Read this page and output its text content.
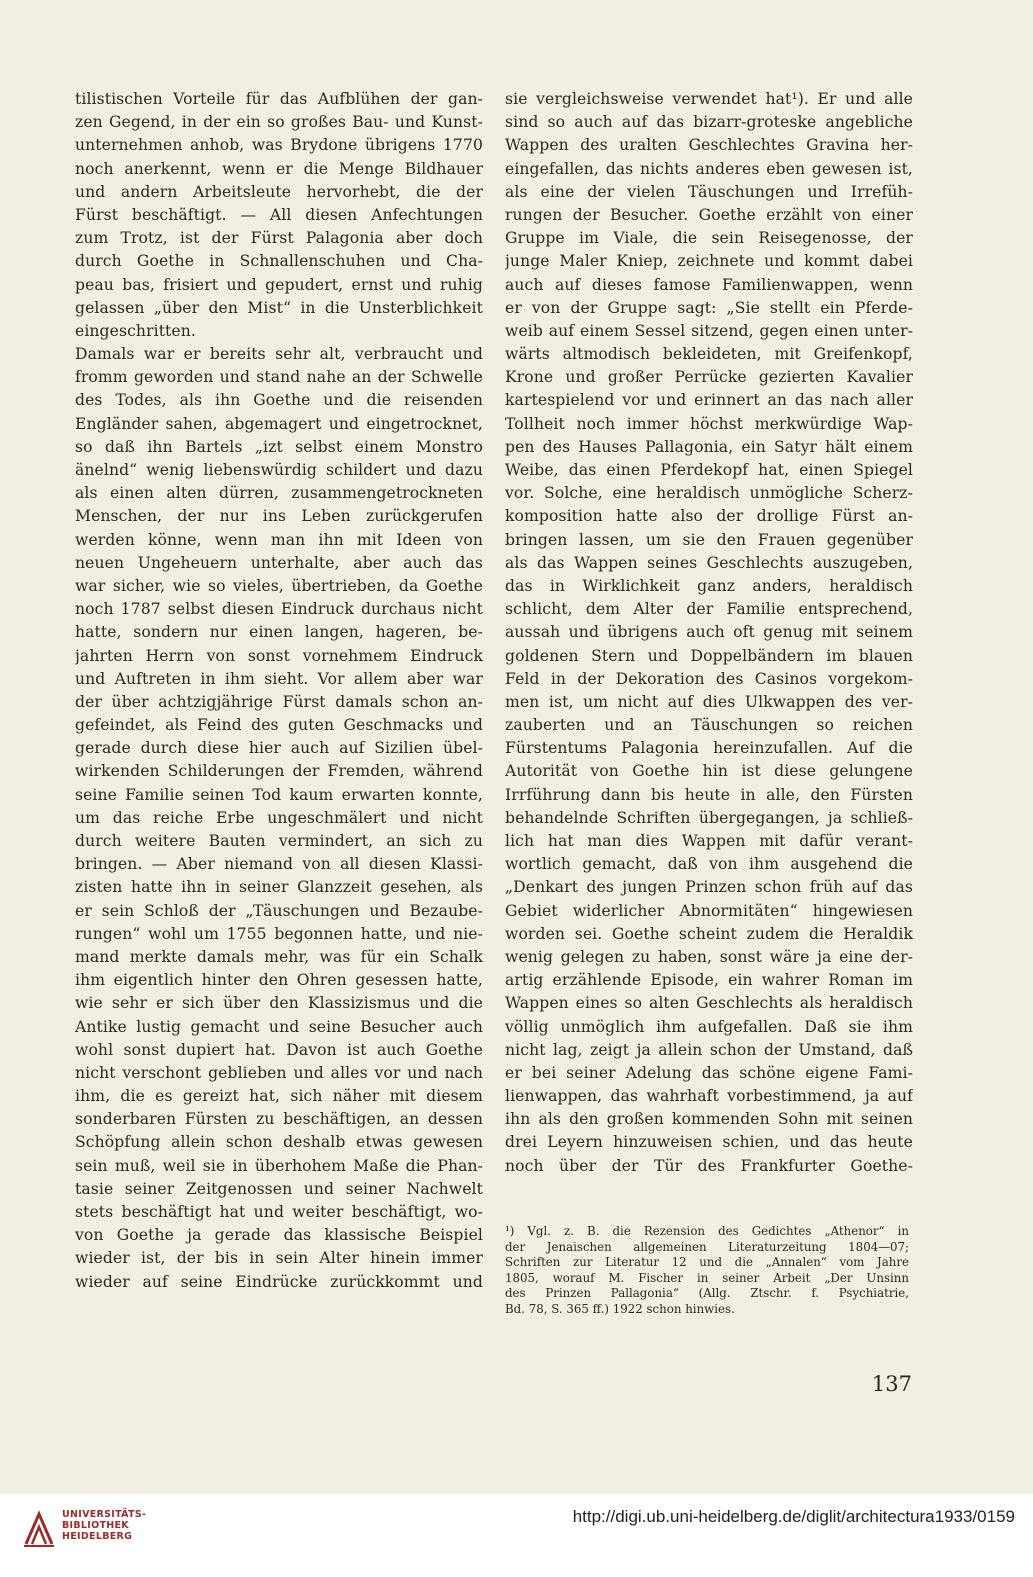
tilistischen Vorteile für das Aufblühen der gan-
zen Gegend, in der ein so großes Bau- und Kunst-
unternehmen anhob, was Brydone übrigens 1770
noch anerkennt, wenn er die Menge Bildhauer
und andern Arbeitsleute hervorhebt, die der
Fürst beschäftigt. — All diesen Anfechtungen
zum Trotz, ist der Fürst Palagonia aber doch
durch Goethe in Schnallenschuhen und Cha-
peau bas, frisiert und gepudert, ernst und ruhig
gelassen „über den Mist“ in die Unsterblichkeit
eingeschritten.
Damals war er bereits sehr alt, verbraucht und
fromm geworden und stand nahe an der Schwelle
des Todes, als ihn Goethe und die reisenden
Engländer sahen, abgemagert und eingetrocknet,
so daß ihn Bartels „izt selbst einem Monstro
änelnd“ wenig liebenswürdig schildert und dazu
als einen alten dürren, zusammengetrockneten
Menschen, der nur ins Leben zurückgerufen
werden könne, wenn man ihn mit Ideen von
neuen Ungeheuern unterhalte, aber auch das
war sicher, wie so vieles, übertrieben, da Goethe
noch 1787 selbst diesen Eindruck durchaus nicht
hatte, sondern nur einen langen, hageren, be-
jahrten Herrn von sonst vornehmem Eindruck
und Auftreten in ihm sieht. Vor allem aber war
der über achtzigjährige Fürst damals schon an-
gefeindet, als Feind des guten Geschmacks und
gerade durch diese hier auch auf Sizilien übel-
wirkenden Schilderungen der Fremden, während
seine Familie seinen Tod kaum erwarten konnte,
um das reiche Erbe ungeschmälert und nicht
durch weitere Bauten vermindert, an sich zu
bringen. — Aber niemand von all diesen Klassi-
zisten hatte ihn in seiner Glanzzeit gesehen, als
er sein Schloß der „Täuschungen und Bezaube-
rungen“ wohl um 1755 begonnen hatte, und nie-
mand merkte damals mehr, was für ein Schalk
ihm eigentlich hinter den Ohren gesessen hatte,
wie sehr er sich über den Klassizismus und die
Antike lustig gemacht und seine Besucher auch
wohl sonst dupiert hat. Davon ist auch Goethe
nicht verschont geblieben und alles vor und nach
ihm, die es gereizt hat, sich näher mit diesem
sonderbaren Fürsten zu beschäftigen, an dessen
Schöpfung allein schon deshalb etwas gewesen
sein muß, weil sie in überhohem Maße die Phan-
tasie seiner Zeitgenossen und seiner Nachwelt
stets beschäftigt hat und weiter beschäftigt, wo-
von Goethe ja gerade das klassische Beispiel
wieder ist, der bis in sein Alter hinein immer
wieder auf seine Eindrücke zurückkommt und
sie vergleichsweise verwendet hat¹). Er und alle
sind so auch auf das bizarr-groteske angebliche
Wappen des uralten Geschlechtes Gravina her-
eingefallen, das nichts anderes eben gewesen ist,
als eine der vielen Täuschungen und Irrefüh-
rungen der Besucher. Goethe erzählt von einer
Gruppe im Viale, die sein Reisegenosse, der
junge Maler Kniep, zeichnete und kommt dabei
auch auf dieses famose Familienwappen, wenn
er von der Gruppe sagt: „Sie stellt ein Pferde-
weib auf einem Sessel sitzend, gegen einen unter-
wärts altmodisch bekleideten, mit Greifenkopf,
Krone und großer Perrücke gezierten Kavalier
kartespielend vor und erinnert an das nach aller
Tollheit noch immer höchst merkwürdige Wap-
pen des Hauses Pallagonia, ein Satyr hält einem
Weibe, das einen Pferdekopf hat, einen Spiegel
vor. Solche, eine heraldisch unmögliche Scherz-
komposition hatte also der drollige Fürst an-
bringen lassen, um sie den Frauen gegenüber
als das Wappen seines Geschlechts auszugeben,
das in Wirklichkeit ganz anders, heraldisch
schlicht, dem Alter der Familie entsprechend,
aussah und übrigens auch oft genug mit seinem
goldenen Stern und Doppelbändern im blauen
Feld in der Dekoration des Casinos vorgekom-
men ist, um nicht auf dies Ulkwappen des ver-
zauberten und an Täuschungen so reichen
Fürstentums Palagonia hereinzufallen. Auf die
Autorität von Goethe hin ist diese gelungene
Irrführung dann bis heute in alle, den Fürsten
behandelnde Schriften übergegangen, ja schließ-
lich hat man dies Wappen mit dafür verant-
wortlich gemacht, daß von ihm ausgehend die
„Denkart des jungen Prinzen schon früh auf das
Gebiet widerlicher Abnormitäten“ hingewiesen
worden sei. Goethe scheint zudem die Heraldik
wenig gelegen zu haben, sonst wäre ja eine der-
artig erzählende Episode, ein wahrer Roman im
Wappen eines so alten Geschlechts als heraldisch
völlig unmöglich ihm aufgefallen. Daß sie ihm
nicht lag, zeigt ja allein schon der Umstand, daß
er bei seiner Adelung das schöne eigene Fami-
lienwappen, das wahrhaft vorbestimmend, ja auf
ihn als den großen kommenden Sohn mit seinen
drei Leyern hinzuweisen schien, und das heute
noch über der Tür des Frankfurter Goethe-
¹) Vgl. z. B. die Rezension des Gedichtes „Athenor“ in
der Jenaischen allgemeinen Literaturzeitung 1804—07;
Schriften zur Literatur 12 und die „Annalen“ vom Jahre
1805, worauf M. Fischer in seiner Arbeit „Der Unsinn
des Prinzen Pallagonia“ (Allg. Ztschr. f. Psychiatrie,
Bd. 78, S. 365 ff.) 1922 schon hinwies.
137
UNIVERSITÄTS-
BIBLIOTHEK
HEIDELBERG
http://digi.ub.uni-heidelberg.de/diglit/architectura1933/0159
